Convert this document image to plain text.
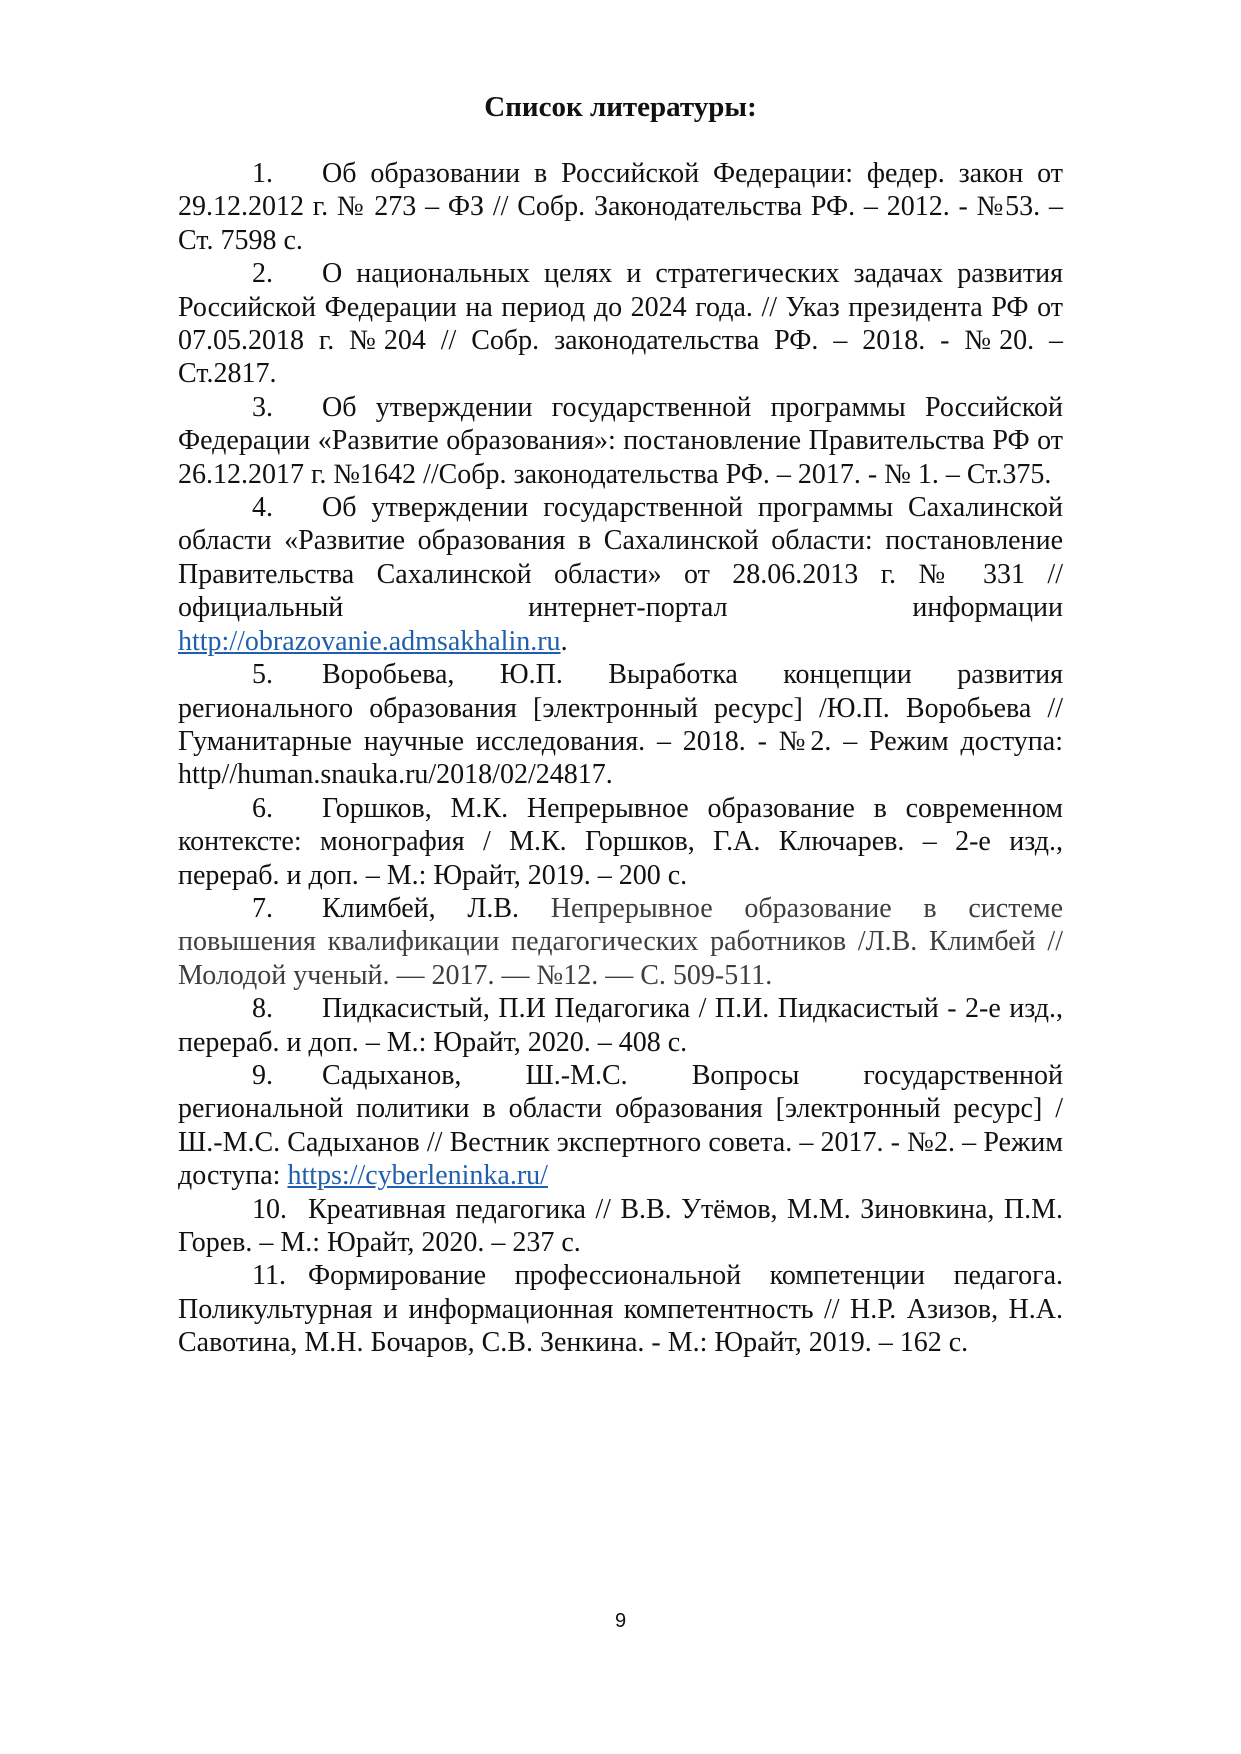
Список литературы:
1. Об образовании в Российской Федерации: федер. закон от 29.12.2012 г. № 273 – ФЗ // Собр. Законодательства РФ. – 2012. - №53. – Ст. 7598 с.
2. О национальных целях и стратегических задачах развития Российской Федерации на период до 2024 года. // Указ президента РФ от 07.05.2018 г. №204 // Собр. законодательства РФ. – 2018. - №20. – Ст.2817.
3. Об утверждении государственной программы Российской Федерации «Развитие образования»: постановление Правительства РФ от 26.12.2017 г. №1642 //Собр. законодательства РФ. – 2017. - № 1. – Ст.375.
4. Об утверждении государственной программы Сахалинской области «Развитие образования в Сахалинской области: постановление Правительства Сахалинской области» от 28.06.2013 г. № 331 // официальный интернет-портал информации http://obrazovanie.admsakhalin.ru.
5. Воробьева, Ю.П. Выработка концепции развития регионального образования [электронный ресурс] /Ю.П. Воробьева // Гуманитарные научные исследования. – 2018. - №2. – Режим доступа: http//human.snauka.ru/2018/02/24817.
6. Горшков, М.К. Непрерывное образование в современном контексте: монография / М.К. Горшков, Г.А. Ключарев. – 2-е изд., перераб. и доп. – М.: Юрайт, 2019. – 200 с.
7. Климбей, Л.В. Непрерывное образование в системе повышения квалификации педагогических работников /Л.В. Климбей // Молодой ученый. — 2017. — №12. — С. 509-511.
8. Пидкасистый, П.И Педагогика / П.И. Пидкасистый - 2-е изд., перераб. и доп. – М.: Юрайт, 2020. – 408 с.
9. Садыханов, Ш.-М.С. Вопросы государственной региональной политики в области образования [электронный ресурс] / Ш.-М.С. Садыханов // Вестник экспертного совета. – 2017. - №2. – Режим доступа: https://cyberleninka.ru/
10. Креативная педагогика // В.В. Утёмов, М.М. Зиновкина, П.М. Горев. – М.: Юрайт, 2020. – 237 с.
11. Формирование профессиональной компетенции педагога. Поликультурная и информационная компетентность // Н.Р. Азизов, Н.А. Савотина, М.Н. Бочаров, С.В. Зенкина. - М.: Юрайт, 2019. – 162 с.
9
